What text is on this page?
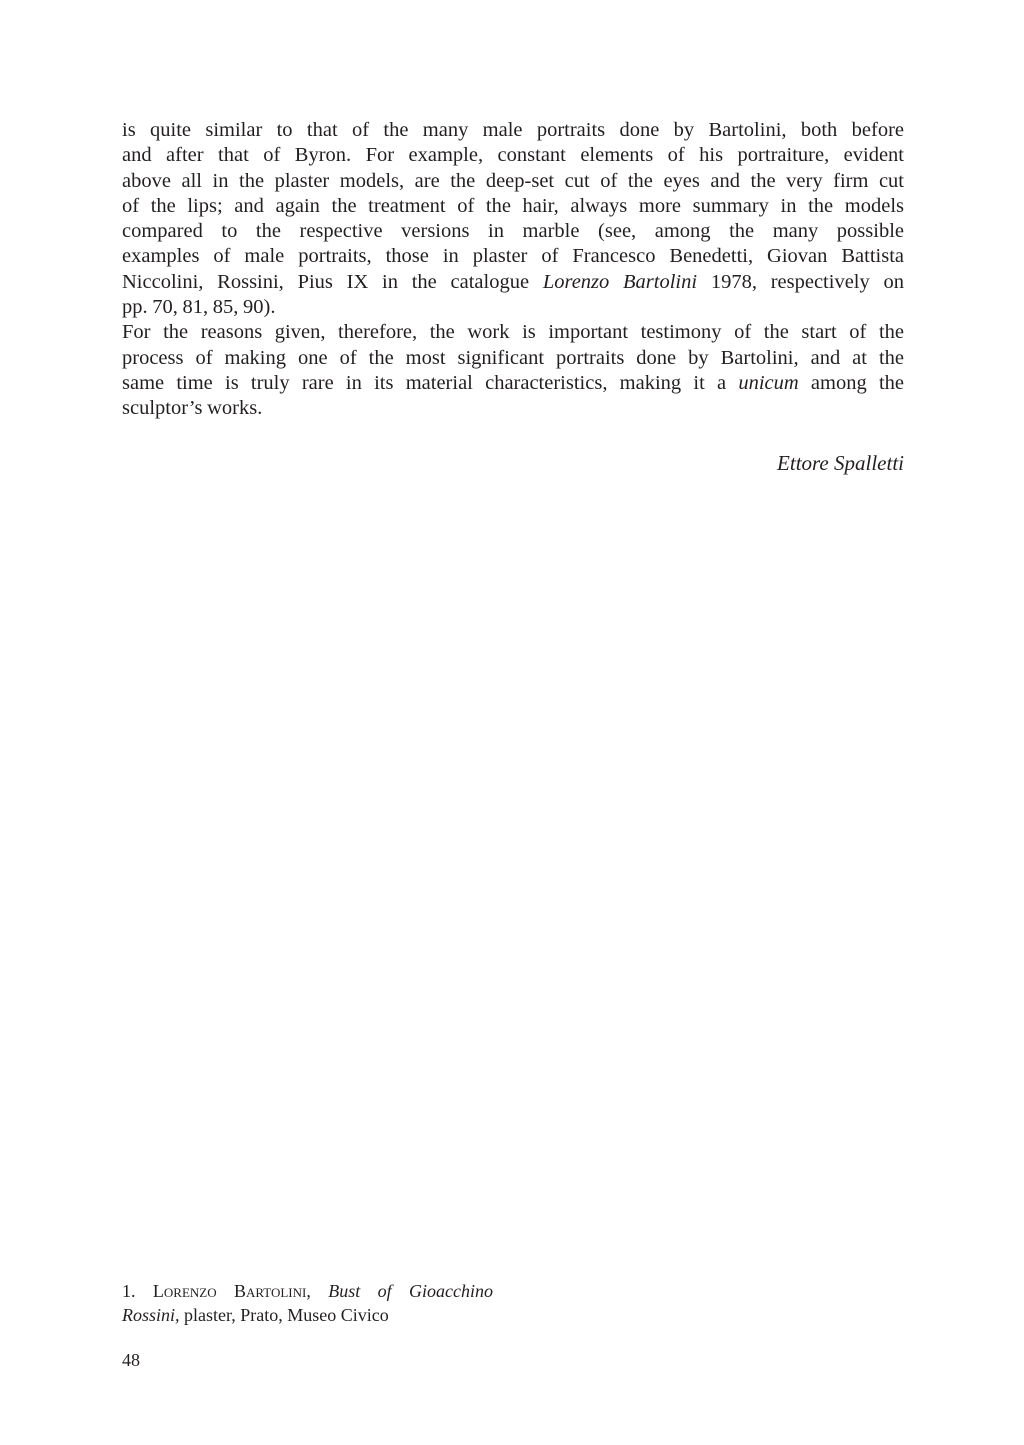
is quite similar to that of the many male portraits done by Bartolini, both before
and after that of Byron. For example, constant elements of his portraiture, evident
above all in the plaster models, are the deep-set cut of the eyes and the very firm cut
of the lips; and again the treatment of the hair, always more summary in the models
compared to the respective versions in marble (see, among the many possible
examples of male portraits, those in plaster of Francesco Benedetti, Giovan Battista
Niccolini, Rossini, Pius IX in the catalogue Lorenzo Bartolini 1978, respectively on
pp. 70, 81, 85, 90).
For the reasons given, therefore, the work is important testimony of the start of the
process of making one of the most significant portraits done by Bartolini, and at the
same time is truly rare in its material characteristics, making it a unicum among the
sculptor’s works.
Ettore Spalletti
1. Lorenzo Bartolini, Bust of Gioacchino
Rossini, plaster, Prato, Museo Civico
48
